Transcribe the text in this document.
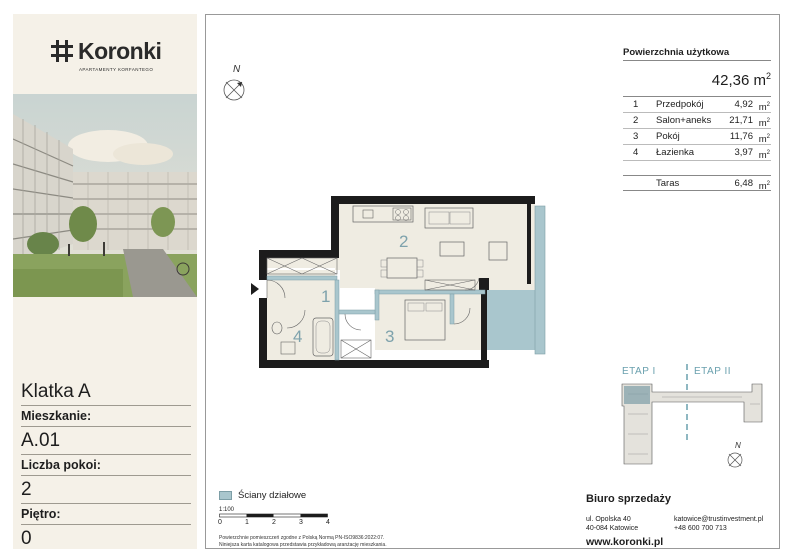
Koronki
APARTAMENTY KORFANTEGO
Klatka A
Mieszkanie:
A.01
Liczba pokoi:
2
Piętro:
0
N
Powierzchnia użytkowa
42,36 $m^2$
1 Przedpokój	4,92 $m^2$
2 Salon+aneks 21,71 $m^2$
3 Pokój	11,76 $m^2$
4 Łazienka	3,97 $m^2$
Taras	6,48 $m^2$
2
1
3
4
ETAP I	ETAP II
N
Ściany działowe
1:100
0	1	2	3	4
Powierzchnie pomieszczeń zgodne z Polską Normą PN-ISO9836:2022:07.
Niniejsza karta katalogowa przedstawia przykładową aranżację mieszkania.
Biuro sprzedaży
ul. Opolska 40
40-084 Katowice
katowice@trustinvestment.pl
+48 600 700 713
www.koronki.pl
